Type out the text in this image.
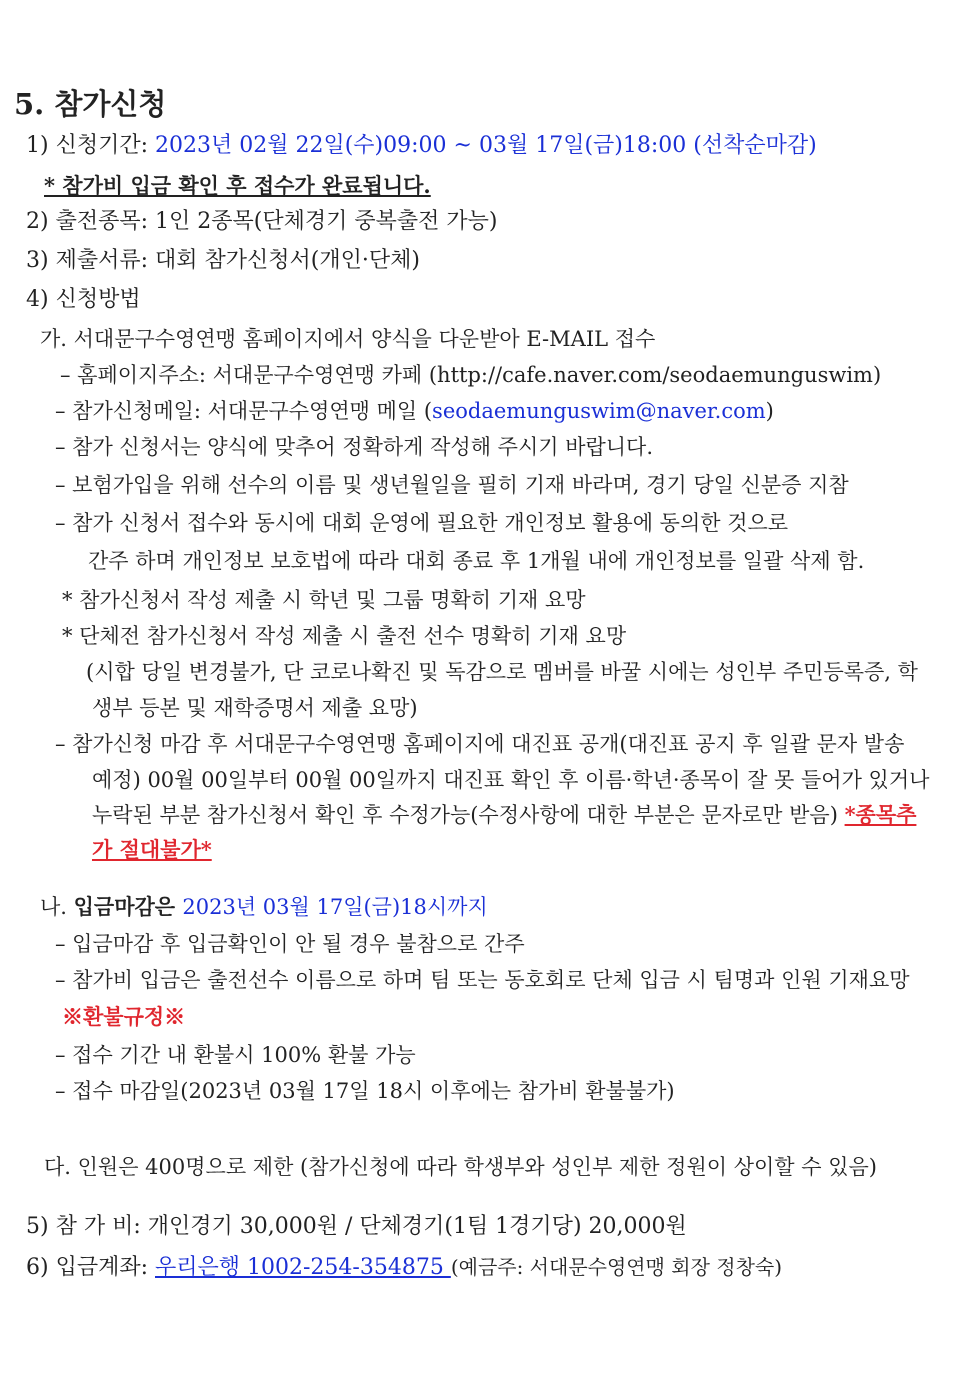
5. 참가신청
1) 신청기간: 2023년 02월 22일(수)09:00 ~ 03월 17일(금)18:00 (선착순마감)
* 참가비 입금 확인 후 접수가 완료됩니다.
2) 출전종목: 1인 2종목(단체경기 중복출전 가능)
3) 제출서류: 대회 참가신청서(개인·단체)
4) 신청방법
가. 서대문구수영연맹 홈페이지에서 양식을 다운받아 E-MAIL 접수
– 홈페이지주소: 서대문구수영연맹 카페 (http://cafe.naver.com/seodaemunguswim)
– 참가신청메일: 서대문구수영연맹 메일 (seodaemunguswim@naver.com)
– 참가 신청서는 양식에 맞추어 정확하게 작성해 주시기 바랍니다.
– 보험가입을 위해 선수의 이름 및 생년월일을 필히 기재 바라며, 경기 당일 신분증 지참
– 참가 신청서 접수와 동시에 대회 운영에 필요한 개인정보 활용에 동의한 것으로
간주 하며 개인정보 보호법에 따라 대회 종료 후 1개월 내에 개인정보를 일괄 삭제 함.
* 참가신청서 작성 제출 시 학년 및 그룹 명확히 기재 요망
* 단체전 참가신청서 작성 제출 시 출전 선수 명확히 기재 요망
(시합 당일 변경불가, 단 코로나확진 및 독감으로 멤버를 바꿀 시에는 성인부 주민등록증, 학
생부 등본 및 재학증명서 제출 요망)
– 참가신청 마감 후 서대문구수영연맹 홈페이지에 대진표 공개(대진표 공지 후 일괄 문자 발송
예정) 00월 00일부터 00월 00일까지 대진표 확인 후 이름·학년·종목이 잘 못 들어가 있거나
누락된 부분 참가신청서 확인 후 수정가능(수정사항에 대한 부분은 문자로만 받음) *종목추
가 절대불가*
나. 입금마감은 2023년 03월 17일(금)18시까지
– 입금마감 후 입금확인이 안 될 경우 불참으로 간주
– 참가비 입금은 출전선수 이름으로 하며 팀 또는 동호회로 단체 입금 시 팀명과 인원 기재요망
※환불규정※
– 접수 기간 내 환불시 100% 환불 가능
– 접수 마감일(2023년 03월 17일 18시 이후에는 참가비 환불불가)
다. 인원은 400명으로 제한 (참가신청에 따라 학생부와 성인부 제한 정원이 상이할 수 있음)
5) 참 가 비: 개인경기 30,000원 / 단체경기(1팀 1경기당) 20,000원
6) 입금계좌: 우리은행 1002-254-354875 (예금주: 서대문수영연맹 회장 정창숙)
